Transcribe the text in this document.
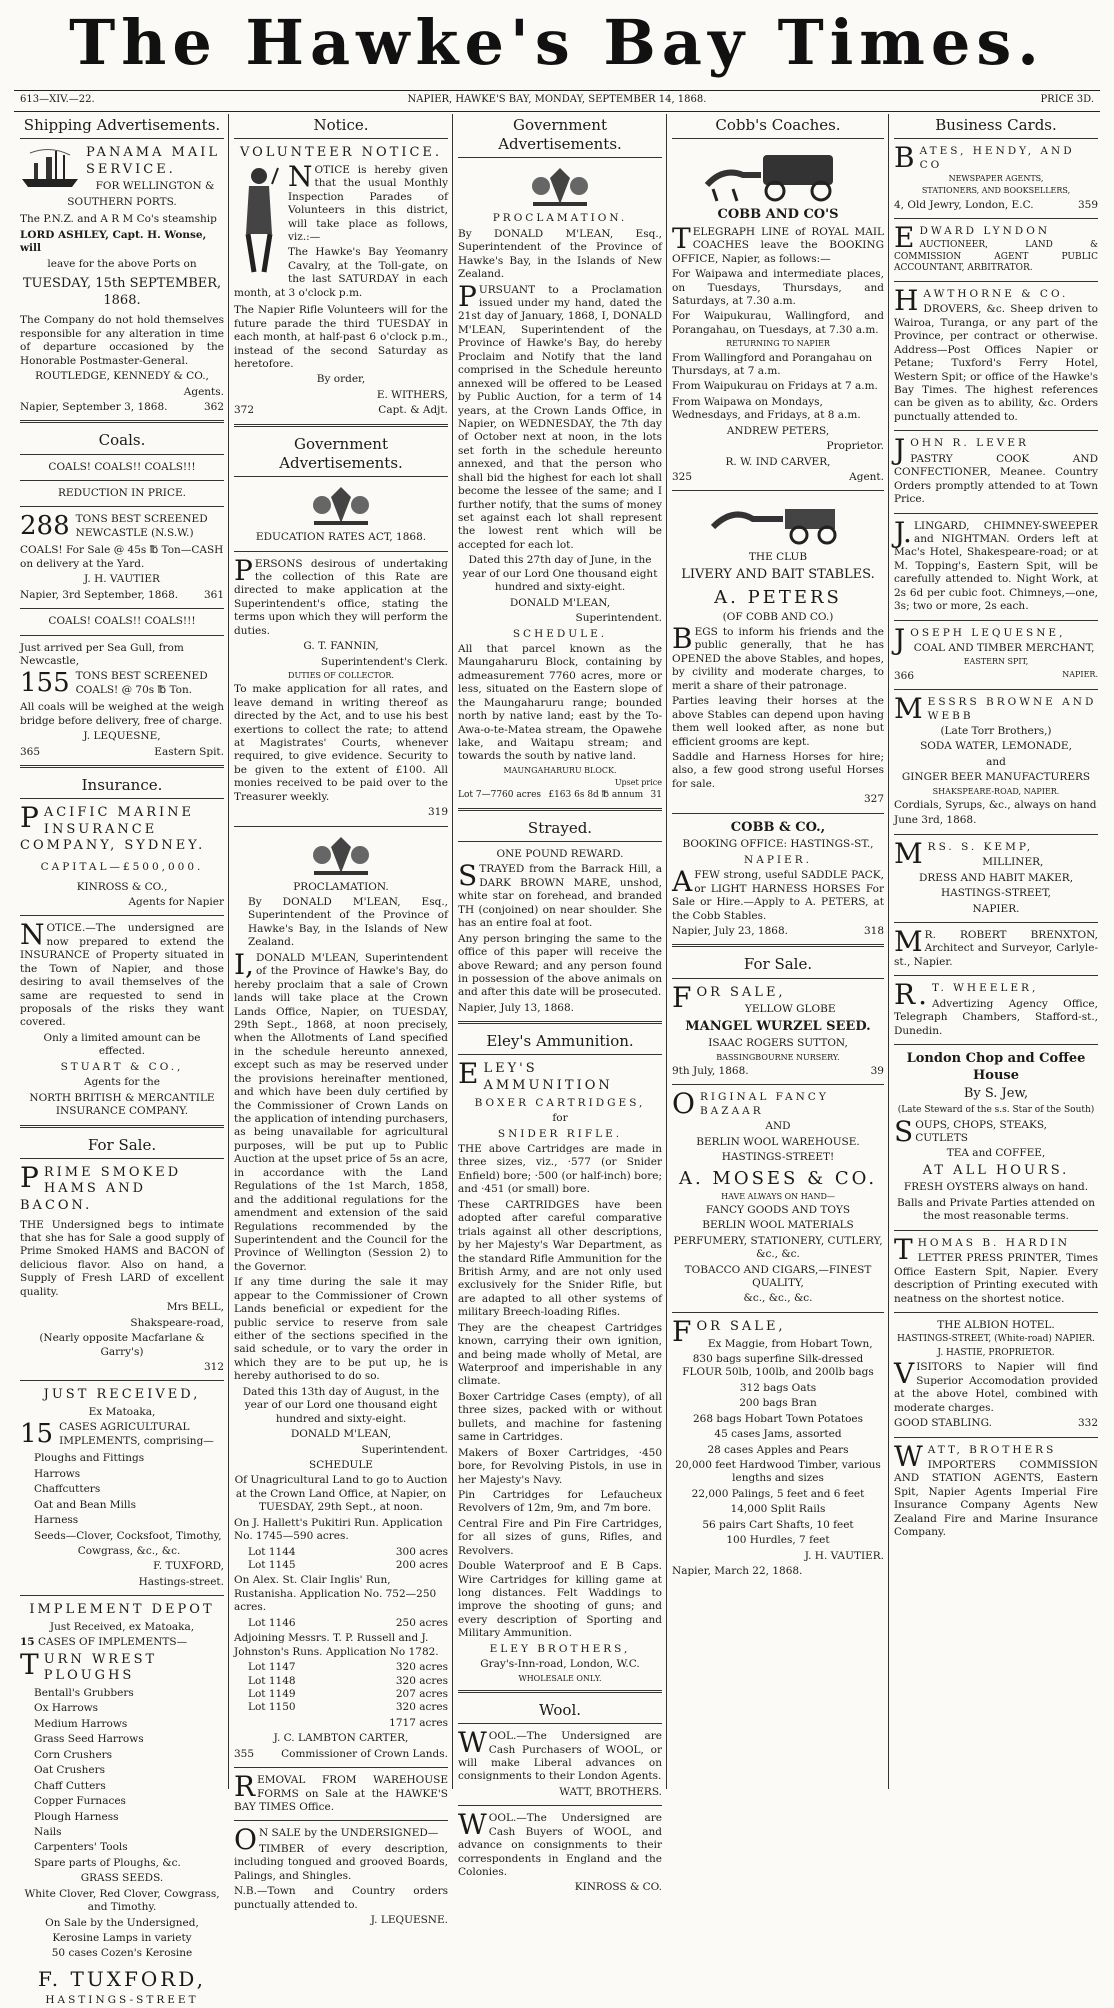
The Hawke's Bay Times.
613—XIV.—22.	NAPIER, HAWKE'S BAY, MONDAY, SEPTEMBER 14, 1868.	PRICE 3D.
Shipping Advertisements.

PANAMA MAIL SERVICE.

FOR WELLINGTON &

SOUTHERN PORTS.

The P.N.Z. and A R M Co's steamship

LORD ASHLEY, Capt. H. Wonse, will

leave for the above Ports on

TUESDAY, 15th SEPTEMBER, 1868.

The Company do not hold themselves responsible for any alteration in time of departure occasioned by the Honorable Postmaster-General.

ROUTLEDGE, KENNEDY & CO.,

Agents.

Napier, September 3, 1868.	362
Coals.

COALS! COALS!! COALS!!!

REDUCTION IN PRICE.

288 TONS BEST SCREENED NEWCASTLE (N.S.W.)

COALS! For Sale @ 45s ℔ Ton—CASH on delivery at the Yard.

J. H. VAUTIER

Napier, 3rd September, 1868. 361

COALS! COALS!! COALS!!!

Just arrived per Sea Gull, from Newcastle,

155 TONS BEST SCREENED COALS! @ 70s ℔ Ton.

All coals will be weighed at the weigh bridge before delivery, free of charge.

J. LEQUESNE,

365	Eastern Spit.
Insurance.

PACIFIC MARINE INSURANCE COMPANY, SYDNEY.

CAPITAL—£500,000.

KINROSS & CO.,

Agents for Napier

NOTICE.—The undersigned are now prepared to extend the INSURANCE of Property situated in the Town of Napier, and those desiring to avail themselves of the same are requested to send in proposals of the risks they want covered.

Only a limited amount can be effected.

STUART & CO.,

Agents for the

NORTH BRITISH & MERCANTILE INSURANCE COMPANY.

For Sale.

PRIME SMOKED HAMS AND BACON.

THE Undersigned begs to intimate that she has for Sale a good supply of Prime Smoked HAMS and BACON of delicious flavor. Also on hand, a Supply of Fresh LARD of excellent quality.

Mrs BELL,

Shakspeare-road,

(Nearly opposite Macfarlane & Garry's)

312

JUST RECEIVED,

Ex Matoaka,

15 CASES AGRICULTURAL IMPLEMENTS, comprising—

Ploughs and Fittings

Harrows

Chaffcutters

Oat and Bean Mills

Harness

Seeds—Clover, Cocksfoot, Timothy,

Cowgrass, &c., &c.

F. TUXFORD,

Hastings-street.

IMPLEMENT DEPOT

Just Received, ex Matoaka,

15 CASES OF IMPLEMENTS—

TURN WREST PLOUGHS

Bentall's Grubbers

Ox Harrows

Medium Harrows

Grass Seed Harrows

Corn Crushers

Oat Crushers

Chaff Cutters

Copper Furnaces

Plough Harness

Nails

Carpenters' Tools

Spare parts of Ploughs, &c.

GRASS SEEDS.

White Clover, Red Clover, Cowgrass, and Timothy.

On Sale by the Undersigned,

Kerosine Lamps in variety

50 cases Cozen's Kerosine

F. TUXFORD,

HASTINGS-STREET

Notice.

VOLUNTEER NOTICE.

NOTICE is hereby given that the usual Monthly Inspection Parades of Volunteers in this district, will take place as follows, viz.:—

The Hawke's Bay Yeomanry Cavalry, at the Toll-gate, on the last SATURDAY in each month, at 3 o'clock p.m.

The Napier Rifle Volunteers will for the future parade the third TUESDAY in each month, at half-past 6 o'clock p.m., instead of the second Saturday as heretofore.

By order,

E. WITHERS,

372	Capt. & Adjt.
Government Advertisements.

EDUCATION RATES ACT, 1868.

PERSONS desirous of undertaking the collection of this Rate are directed to make application at the Superintendent's office, stating the terms upon which they will perform the duties.

G. T. FANNIN,

Superintendent's Clerk.

DUTIES OF COLLECTOR.

To make application for all rates, and leave demand in writing thereof as directed by the Act, and to use his best exertions to collect the rate; to attend at Magistrates' Courts, whenever required, to give evidence. Security to be given to the extent of £100. All monies received to be paid over to the Treasurer weekly.

319

PROCLAMATION.

By DONALD M'LEAN, Esq., Superintendent of the Province of Hawke's Bay, in the Islands of New Zealand.

I,DONALD M'LEAN, Superintendent of the Province of Hawke's Bay, do hereby proclaim that a sale of Crown lands will take place at the Crown Lands Office, Napier, on TUESDAY, 29th Sept., 1868, at noon precisely, when the Allotments of Land specified in the schedule hereunto annexed, except such as may be reserved under the provisions hereinafter mentioned, and which have been duly certified by the Commissioner of Crown Lands on the application of intending purchasers, as being unavailable for agricultural purposes, will be put up to Public Auction at the upset price of 5s an acre, in accordance with the Land Regulations of the 1st March, 1858, and the additional regulations for the amendment and extension of the said Regulations recommended by the Superintendent and the Council for the Province of Wellington (Session 2) to the Governor.

If any time during the sale it may appear to the Commissioner of Crown Lands beneficial or expedient for the public service to reserve from sale either of the sections specified in the said schedule, or to vary the order in which they are to be put up, he is hereby authorised to do so.

Dated this 13th day of August, in the year of our Lord one thousand eight hundred and sixty-eight.

DONALD M'LEAN,

Superintendent.

SCHEDULE

Of Unagricultural Land to go to Auction at the Crown Land Office, at Napier, on TUESDAY, 29th Sept., at noon.

On J. Hallett's Pukitiri Run. Application No. 1745—590 acres.

Lot 1144	300 acres
Lot 1145	200 acres

On Alex. St. Clair Inglis' Run, Rustanisha. Application No. 752—250 acres.

Lot 1146	250 acres

Adjoining Messrs. T. P. Russell and J. Johnston's Runs. Application No 1782.

Lot 1147	320 acres
Lot 1148	320 acres
Lot 1149	207 acres
Lot 1150	320 acres

1717 acres

J. C. LAMBTON CARTER,

355	Commissioner of Crown Lands.

REMOVAL FROM WAREHOUSE FORMS on Sale at the HAWKE'S BAY TIMES Office.

ON SALE by the UNDERSIGNED—

TIMBER of every description, including tongued and grooved Boards, Palings, and Shingles.

N.B.—Town and Country orders punctually attended to.

J. LEQUESNE.

Government Advertisements.

PROCLAMATION.

By DONALD M'LEAN, Esq., Superintendent of the Province of Hawke's Bay, in the Islands of New Zealand.

PURSUANT to a Proclamation issued under my hand, dated the 21st day of January, 1868, I, DONALD M'LEAN, Superintendent of the Province of Hawke's Bay, do hereby Proclaim and Notify that the land comprised in the Schedule hereunto annexed will be offered to be Leased by Public Auction, for a term of 14 years, at the Crown Lands Office, in Napier, on WEDNESDAY, the 7th day of October next at noon, in the lots set forth in the schedule hereunto annexed, and that the person who shall bid the highest for each lot shall become the lessee of the same; and I further notify, that the sums of money set against each lot shall represent the lowest rent which will be accepted for each lot.

Dated this 27th day of June, in the year of our Lord One thousand eight hundred and sixty-eight.

DONALD M'LEAN,

Superintendent.

SCHEDULE.

All that parcel known as the Maungaharuru Block, containing by admeasurement 7760 acres, more or less, situated on the Eastern slope of the Maungaharuru range; bounded north by native land; east by the To-Awa-o-te-Matea stream, the Opawehe lake, and Waitapu stream; and towards the south by native land.

MAUNGAHARURU BLOCK.

Upset price

Lot 7—7760 acres £163 6s 8d ℔ annum 31
Strayed.

ONE POUND REWARD.

STRAYED from the Barrack Hill, a DARK BROWN MARE, unshod, white star on forehead, and branded TH (conjoined) on near shoulder. She has an entire foal at foot.

Any person bringing the same to the office of this paper will receive the above Reward; and any person found in possession of the above animals on and after this date will be prosecuted.

Napier, July 13, 1868.

Eley's Ammunition.

ELEY'S AMMUNITION

BOXER CARTRIDGES,

for

SNIDER RIFLE.

THE above Cartridges are made in three sizes, viz., ·577 (or Snider Enfield) bore; ·500 (or half-inch) bore; and ·451 (or small) bore.

These CARTRIDGES have been adopted after careful comparative trials against all other descriptions, by her Majesty's War Department, as the standard Rifle Ammunition for the British Army, and are not only used exclusively for the Snider Rifle, but are adapted to all other systems of military Breech-loading Rifles.

They are the cheapest Cartridges known, carrying their own ignition, and being made wholly of Metal, are Waterproof and imperishable in any climate.

Boxer Cartridge Cases (empty), of all three sizes, packed with or without bullets, and machine for fastening same in Cartridges.

Makers of Boxer Cartridges, ·450 bore, for Revolving Pistols, in use in her Majesty's Navy.

Pin Cartridges for Lefaucheux Revolvers of 12m, 9m, and 7m bore.

Central Fire and Pin Fire Cartridges, for all sizes of guns, Rifles, and Revolvers.

Double Waterproof and E B Caps. Wire Cartridges for killing game at long distances. Felt Waddings to improve the shooting of guns; and every description of Sporting and Military Ammunition.

ELEY BROTHERS,

Gray's-Inn-road, London, W.C.

WHOLESALE ONLY.

Wool.

WOOL.—The Undersigned are Cash Purchasers of WOOL, or will make Liberal advances on consignments to their London Agents.

WATT, BROTHERS.

WOOL.—The Undersigned are Cash Buyers of WOOL, and advance on consignments to their correspondents in England and the Colonies.

KINROSS & CO.

Cobb's Coaches.

COBB AND CO'S

TELEGRAPH LINE of ROYAL MAIL COACHES leave the BOOKING OFFICE, Napier, as follows:—

For Waipawa and intermediate places, on Tuesdays, Thursdays, and Saturdays, at 7.30 a.m.

For Waipukurau, Wallingford, and Porangahau, on Tuesdays, at 7.30 a.m.

RETURNING TO NAPIER

From Wallingford and Porangahau on Thursdays, at 7 a.m.

From Waipukurau on Fridays at 7 a.m.

From Waipawa on Mondays, Wednesdays, and Fridays, at 8 a.m.

ANDREW PETERS,

Proprietor.

R. W. IND CARVER,

325	Agent.

THE CLUB

LIVERY AND BAIT STABLES.

A. PETERS

(OF COBB AND CO.)

BEGS to inform his friends and the public generally, that he has OPENED the above Stables, and hopes, by civility and moderate charges, to merit a share of their patronage.

Parties leaving their horses at the above Stables can depend upon having them well looked after, as none but efficient grooms are kept.

Saddle and Harness Horses for hire; also, a few good strong useful Horses for sale.

327

COBB & CO.,

BOOKING OFFICE: HASTINGS-ST.,

NAPIER.

AFEW strong, useful SADDLE PACK, or LIGHT HARNESS HORSES For Sale or Hire.—Apply to A. PETERS, at the Cobb Stables.

Napier, July 23, 1868.	318
For Sale.

FOR SALE,

YELLOW GLOBE

MANGEL WURZEL SEED.

ISAAC ROGERS SUTTON,

BASSINGBOURNE NURSERY.

9th July, 1868.	39

ORIGINAL FANCY BAZAAR

AND

BERLIN WOOL WAREHOUSE.

HASTINGS-STREET!

A. MOSES & CO.

HAVE ALWAYS ON HAND—

FANCY GOODS AND TOYS

BERLIN WOOL MATERIALS

PERFUMERY, STATIONERY, CUTLERY, &c., &c.

TOBACCO AND CIGARS,—FINEST QUALITY,

&c., &c., &c.

FOR SALE,

Ex Maggie, from Hobart Town,

830 bags superfine Silk-dressed FLOUR 50lb, 100lb, and 200lb bags

312 bags Oats

200 bags Bran

268 bags Hobart Town Potatoes

45 cases Jams, assorted

28 cases Apples and Pears

20,000 feet Hardwood Timber, various lengths and sizes

22,000 Palings, 5 feet and 6 feet

14,000 Split Rails

56 pairs Cart Shafts, 10 feet

100 Hurdles, 7 feet

J. H. VAUTIER.

Napier, March 22, 1868.

Business Cards.

BATES, HENDY, AND CO

NEWSPAPER AGENTS,

STATIONERS, AND BOOKSELLERS,

4, Old Jewry, London, E.C.	359

EDWARD LYNDON

AUCTIONEER, LAND & COMMISSION AGENT PUBLIC ACCOUNTANT, ARBITRATOR.

HAWTHORNE & CO.

DROVERS, &c. Sheep driven to Wairoa, Turanga, or any part of the Province, per contract or otherwise. Address—Post Offices Napier or Petane; Tuxford's Ferry Hotel, Western Spit; or office of the Hawke's Bay Times. The highest references can be given as to ability, &c. Orders punctually attended to.

JOHN R. LEVER

PASTRY COOK AND CONFECTIONER, Meanee. Country Orders promptly attended to at Town Price.

J.LINGARD, CHIMNEY-SWEEPER and NIGHTMAN. Orders left at Mac's Hotel, Shakespeare-road; or at M. Topping's, Eastern Spit, will be carefully attended to. Night Work, at 2s 6d per cubic foot. Chimneys,—one, 3s; two or more, 2s each.

JOSEPH LEQUESNE,

COAL AND TIMBER MERCHANT,

EASTERN SPIT,

366	NAPIER.

MESSRS BROWNE AND WEBB

(Late Torr Brothers,)

SODA WATER, LEMONADE,

and

GINGER BEER MANUFACTURERS

SHAKSPEARE-ROAD, NAPIER.

Cordials, Syrups, &c., always on hand

June 3rd, 1868.

MRS. S. KEMP,

MILLINER,

DRESS AND HABIT MAKER,

HASTINGS-STREET,

NAPIER.

MR. ROBERT BRENXTON, Architect and Surveyor, Carlyle-st., Napier.

R.T. WHEELER,

Advertizing Agency Office, Telegraph Chambers, Stafford-st., Dunedin.

London Chop and Coffee House

By S. Jew,

(Late Steward of the s.s. Star of the South)

SOUPS, CHOPS, STEAKS, CUTLETS

TEA and COFFEE,

AT ALL HOURS.

FRESH OYSTERS always on hand.

Balls and Private Parties attended on the most reasonable terms.

THOMAS B. HARDIN

LETTER PRESS PRINTER, Times Office Eastern Spit, Napier. Every description of Printing executed with neatness on the shortest notice.

THE ALBION HOTEL.

HASTINGS-STREET, (White-road) NAPIER.

J. HASTIE, PROPRIETOR.

VISITORS to Napier will find Superior Accomodation provided at the above Hotel, combined with moderate charges.

GOOD STABLING.	332

WATT, BROTHERS

IMPORTERS COMMISSION AND STATION AGENTS, Eastern Spit, Napier Agents Imperial Fire Insurance Company Agents New Zealand Fire and Marine Insurance Company.
